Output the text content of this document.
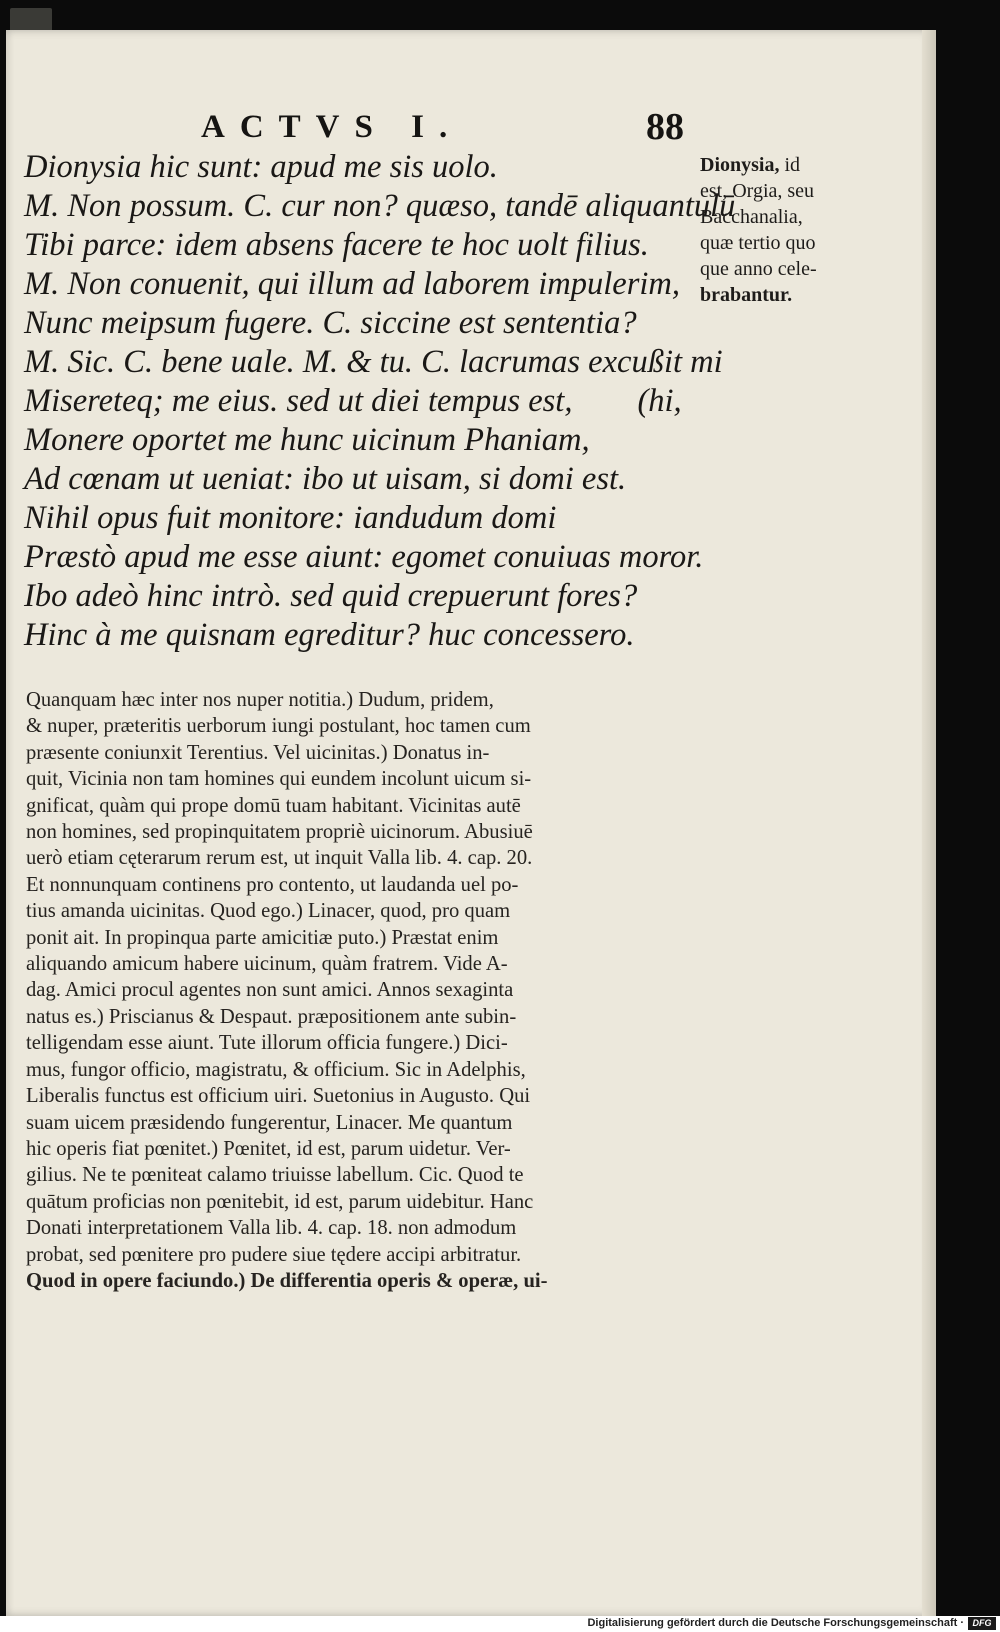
ACTVS I.	88
Dionysia hic sunt: apud me sis uolo.
M. Non possum. C. cur non? quæso, tandē aliquantulū
Tibi parce: idem absens facere te hoc uolt filius.
M. Non conuenit, qui illum ad laborem impulerim,
Nunc meipsum fugere. C. siccine est sententia?
M. Sic. C. bene uale. M. & tu. C. lacrumas excußit mi
Misereteq; me eius. sed ut diei tempus est,        (hi,
Monere oportet me hunc uicinum Phaniam,
Ad cœnam ut ueniat: ibo ut uisam, si domi est.
Nihil opus fuit monitore: iandudum domi
Præstò apud me esse aiunt: egomet conuiuas moror.
Ibo adeò hinc intrò. sed quid crepuerunt fores?
Hinc à me quisnam egreditur? huc concessero.
Dionysia, id
est, Orgia, seu
Bacchanalia,
quæ tertio quo
que anno cele-
brabantur.
Quanquam hæc inter nos nuper notitia.) Dudum, pridem,
& nuper, præteritis uerborum iungi postulant, hoc tamen cum
præsente coniunxit Terentius. Vel uicinitas.) Donatus in-
quit, Vicinia non tam homines qui eundem incolunt uicum si-
gnificat, quàm qui prope domū tuam habitant. Vicinitas autē
non homines, sed propinquitatem propriè uicinorum. Abusiuē
uerò etiam cęterarum rerum est, ut inquit Valla lib. 4. cap. 20.
Et nonnunquam continens pro contento, ut laudanda uel po-
tius amanda uicinitas. Quod ego.) Linacer, quod, pro quam
ponit ait. In propinqua parte amicitiæ puto.) Præstat enim
aliquando amicum habere uicinum, quàm fratrem. Vide A-
dag. Amici procul agentes non sunt amici. Annos sexaginta
natus es.) Priscianus & Despaut. præpositionem ante subin-
telligendam esse aiunt. Tute illorum officia fungere.) Dici-
mus, fungor officio, magistratu, & officium. Sic in Adelphis,
Liberalis functus est officium uiri. Suetonius in Augusto. Qui
suam uicem præsidendo fungerentur, Linacer. Me quantum
hic operis fiat pœnitet.) Pœnitet, id est, parum uidetur. Ver-
gilius. Ne te pœniteat calamo triuisse labellum. Cic. Quod te
quātum proficias non pœnitebit, id est, parum uidebitur. Hanc
Donati interpretationem Valla lib. 4. cap. 18. non admodum
probat, sed pœnitere pro pudere siue tędere accipi arbitratur.
Quod in opere faciundo.) De differentia operis & operæ, ui-
Digitalisierung gefördert durch die Deutsche Forschungsgemeinschaft · DFG
